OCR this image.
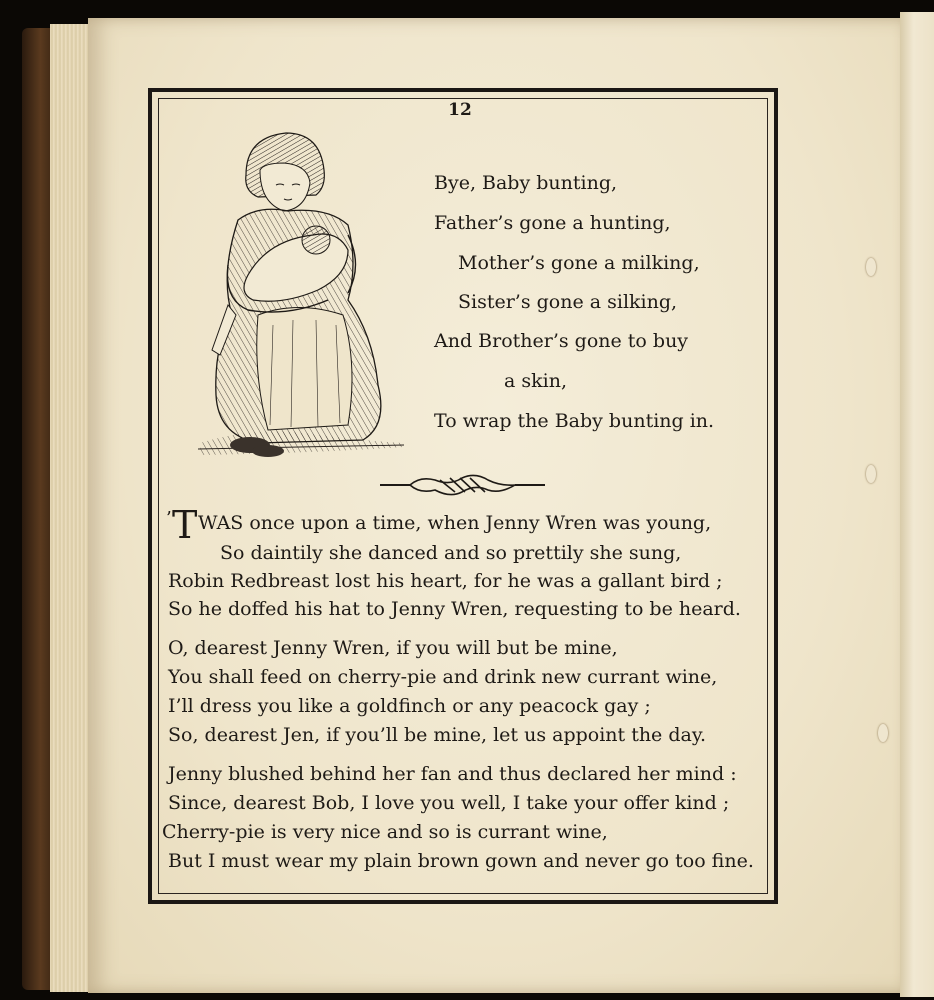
12
Bye, Baby bunting,
Father’s gone a hunting,
Mother’s gone a milking,
Sister’s gone a silking,
And Brother’s gone to buy
a skin,
To wrap the Baby bunting in.
’ T WAS once upon a time, when Jenny Wren was young,
So daintily she danced and so prettily she sung,
Robin Redbreast lost his heart, for he was a gallant bird ;
So he doffed his hat to Jenny Wren, requesting to be heard.
O, dearest Jenny Wren, if you will but be mine,
You shall feed on cherry-pie and drink new currant wine,
I’ll dress you like a goldfinch or any peacock gay ;
So, dearest Jen, if you’ll be mine, let us appoint the day.
Jenny blushed behind her fan and thus declared her mind :
Since, dearest Bob, I love you well, I take your offer kind ;
Cherry-pie is very nice and so is currant wine,
But I must wear my plain brown gown and never go too fine.
